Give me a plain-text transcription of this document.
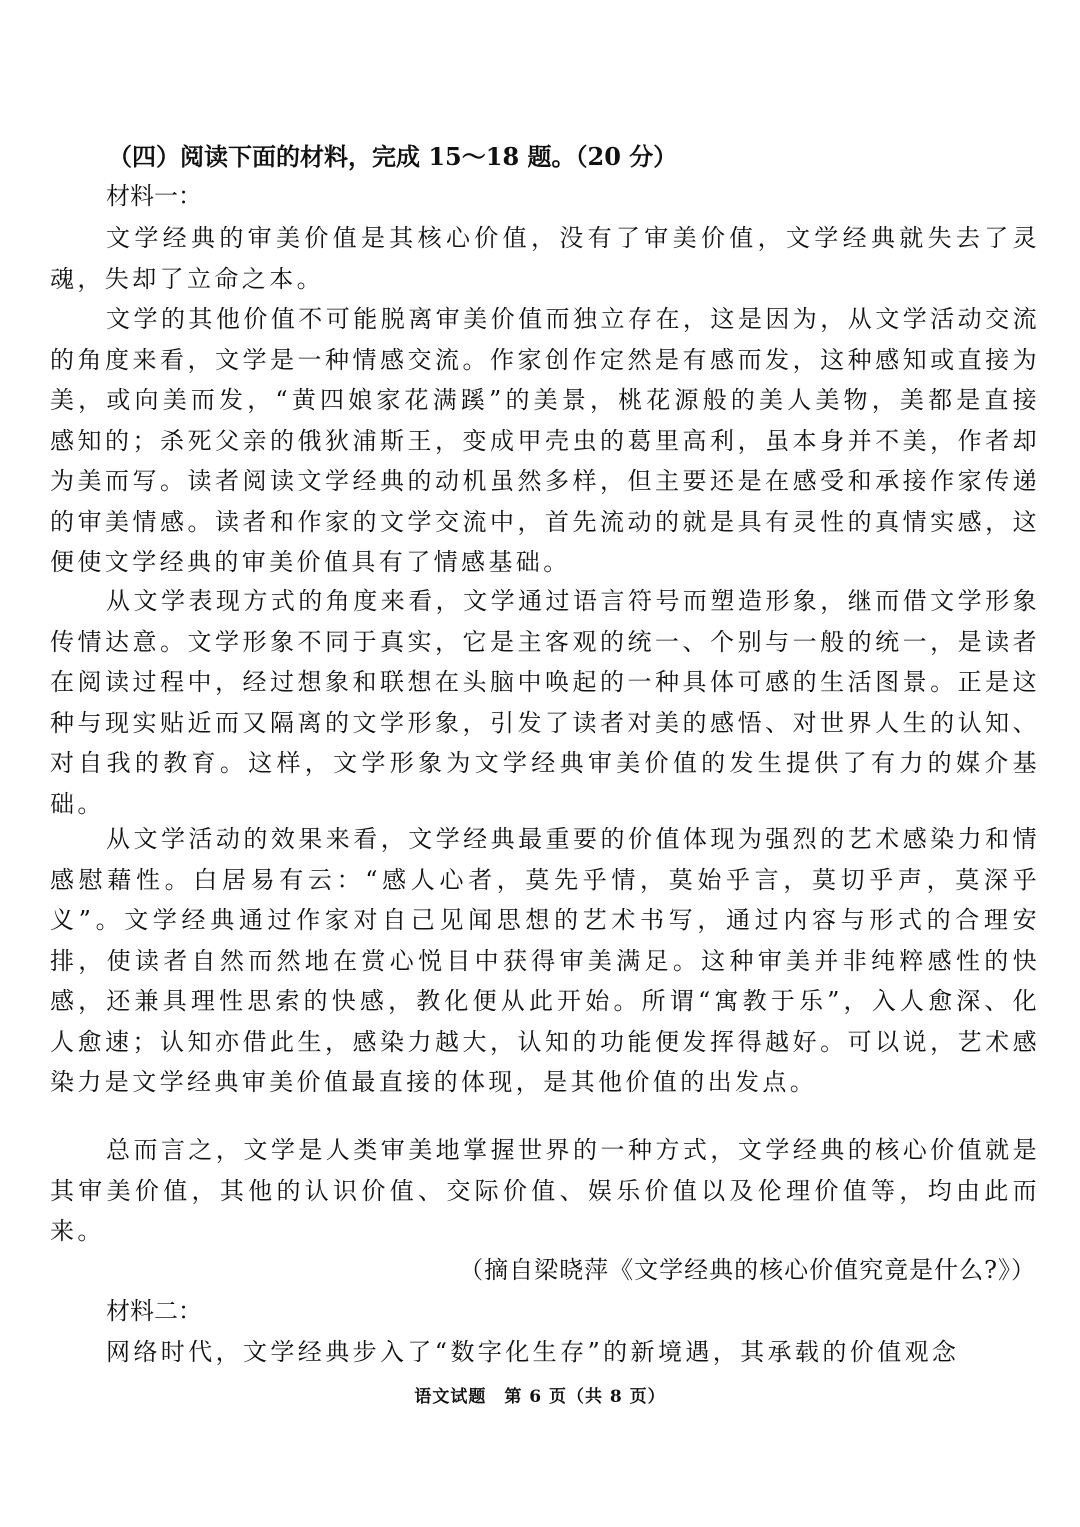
（四）阅读下面的材料，完成 15～18 题。（20 分）
材料一：

文学经典的审美价值是其核心价值，没有了审美价值，文学经典就失去了灵魂，失却了立命之本。

文学的其他价值不可能脱离审美价值而独立存在，这是因为，从文学活动交流的角度来看，文学是一种情感交流。作家创作定然是有感而发，这种感知或直接为美，或向美而发，“黄四娘家花满蹊”的美景，桃花源般的美人美物，美都是直接感知的；杀死父亲的俄狄浦斯王，变成甲壳虫的葛里高利，虽本身并不美，作者却为美而写。读者阅读文学经典的动机虽然多样，但主要还是在感受和承接作家传递的审美情感。读者和作家的文学交流中，首先流动的就是具有灵性的真情实感，这便使文学经典的审美价值具有了情感基础。

从文学表现方式的角度来看，文学通过语言符号而塑造形象，继而借文学形象传情达意。文学形象不同于真实，它是主客观的统一、个别与一般的统一，是读者在阅读过程中，经过想象和联想在头脑中唤起的一种具体可感的生活图景。正是这种与现实贴近而又隔离的文学形象，引发了读者对美的感悟、对世界人生的认知、对自我的教育。这样，文学形象为文学经典审美价值的发生提供了有力的媒介基础。

从文学活动的效果来看，文学经典最重要的价值体现为强烈的艺术感染力和情感慰藉性。白居易有云：“感人心者，莫先乎情，莫始乎言，莫切乎声，莫深乎义”。文学经典通过作家对自己见闻思想的艺术书写，通过内容与形式的合理安排，使读者自然而然地在赏心悦目中获得审美满足。这种审美并非纯粹感性的快感，还兼具理性思索的快感，教化便从此开始。所谓“寓教于乐”，入人愈深、化人愈速；认知亦借此生，感染力越大，认知的功能便发挥得越好。可以说，艺术感染力是文学经典审美价值最直接的体现，是其他价值的出发点。

总而言之，文学是人类审美地掌握世界的一种方式，文学经典的核心价值就是其审美价值，其他的认识价值、交际价值、娱乐价值以及伦理价值等，均由此而来。

（摘自梁晓萍《文学经典的核心价值究竟是什么?》）
材料二：

网络时代，文学经典步入了“数字化生存”的新境遇，其承载的价值观念

语文试题　第 6 页（共 8 页）
